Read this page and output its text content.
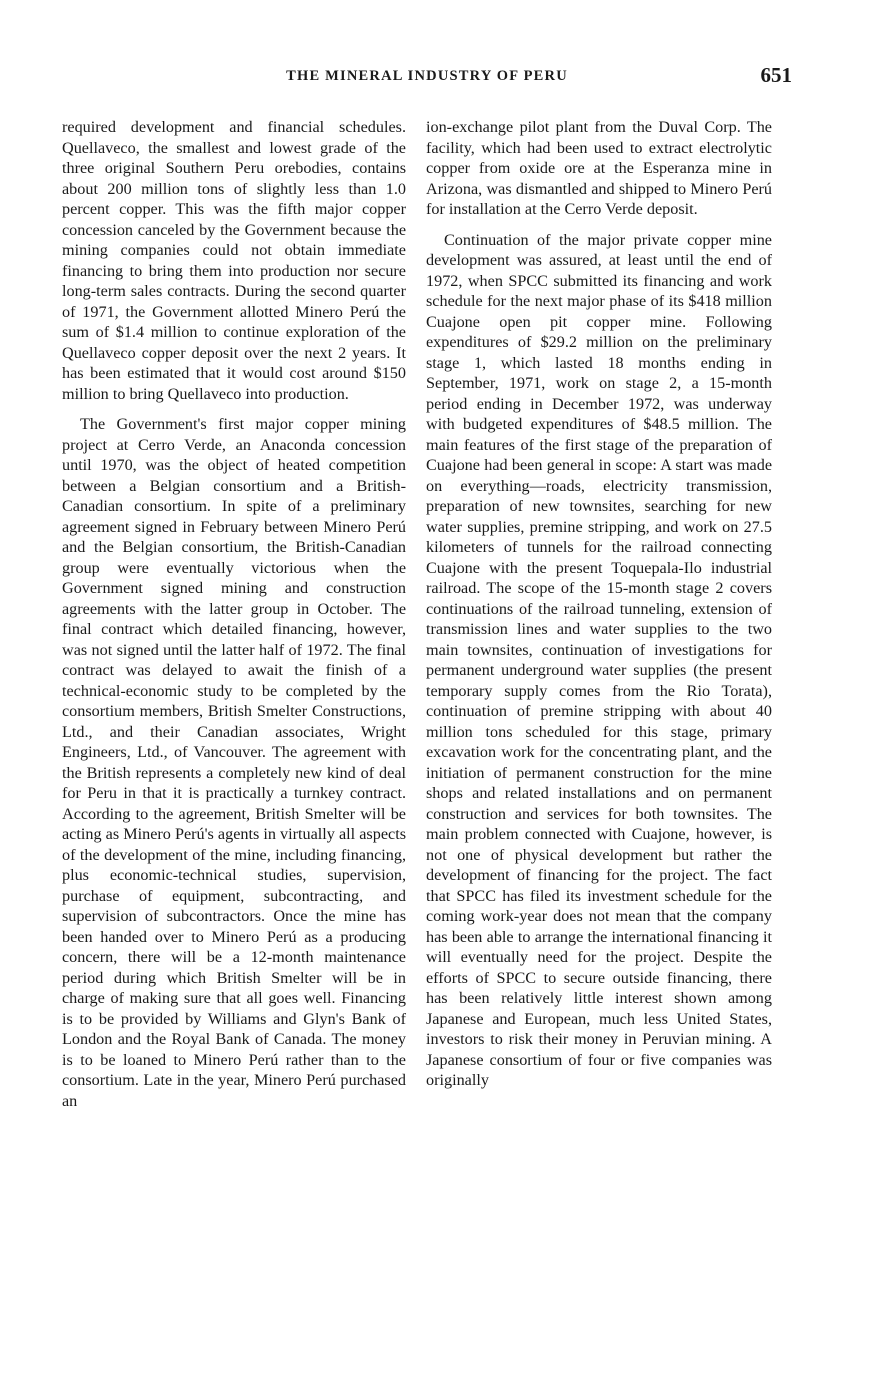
THE MINERAL INDUSTRY OF PERU	651

required development and financial schedules. Quellaveco, the smallest and lowest grade of the three original Southern Peru orebodies, contains about 200 million tons of slightly less than 1.0 percent copper. This was the fifth major copper concession canceled by the Government because the mining companies could not obtain immediate financing to bring them into production nor secure long-term sales contracts. During the second quarter of 1971, the Government allotted Minero Perú the sum of $1.4 million to continue exploration of the Quellaveco copper deposit over the next 2 years. It has been estimated that it would cost around $150 million to bring Quellaveco into production.

The Government's first major copper mining project at Cerro Verde, an Anaconda concession until 1970, was the object of heated competition between a Belgian consortium and a British-Canadian consortium. In spite of a preliminary agreement signed in February between Minero Perú and the Belgian consortium, the British-Canadian group were eventually victorious when the Government signed mining and construction agreements with the latter group in October. The final contract which detailed financing, however, was not signed until the latter half of 1972. The final contract was delayed to await the finish of a technical-economic study to be completed by the consortium members, British Smelter Constructions, Ltd., and their Canadian associates, Wright Engineers, Ltd., of Vancouver. The agreement with the British represents a completely new kind of deal for Peru in that it is practically a turnkey contract. According to the agreement, British Smelter will be acting as Minero Perú's agents in virtually all aspects of the development of the mine, including financing, plus economic-technical studies, supervision, purchase of equipment, subcontracting, and supervision of subcontractors. Once the mine has been handed over to Minero Perú as a producing concern, there will be a 12-month maintenance period during which British Smelter will be in charge of making sure that all goes well. Financing is to be provided by Williams and Glyn's Bank of London and the Royal Bank of Canada. The money is to be loaned to Minero Perú rather than to the consortium. Late in the year, Minero Perú purchased an

ion-exchange pilot plant from the Duval Corp. The facility, which had been used to extract electrolytic copper from oxide ore at the Esperanza mine in Arizona, was dismantled and shipped to Minero Perú for installation at the Cerro Verde deposit.

Continuation of the major private copper mine development was assured, at least until the end of 1972, when SPCC submitted its financing and work schedule for the next major phase of its $418 million Cuajone open pit copper mine. Following expenditures of $29.2 million on the preliminary stage 1, which lasted 18 months ending in September, 1971, work on stage 2, a 15-month period ending in December 1972, was underway with budgeted expenditures of $48.5 million. The main features of the first stage of the preparation of Cuajone had been general in scope: A start was made on everything—roads, electricity transmission, preparation of new townsites, searching for new water supplies, premine stripping, and work on 27.5 kilometers of tunnels for the railroad connecting Cuajone with the present Toquepala-Ilo industrial railroad. The scope of the 15-month stage 2 covers continuations of the railroad tunneling, extension of transmission lines and water supplies to the two main townsites, continuation of investigations for permanent underground water supplies (the present temporary supply comes from the Rio Torata), continuation of premine stripping with about 40 million tons scheduled for this stage, primary excavation work for the concentrating plant, and the initiation of permanent construction for the mine shops and related installations and on permanent construction and services for both townsites. The main problem connected with Cuajone, however, is not one of physical development but rather the development of financing for the project. The fact that SPCC has filed its investment schedule for the coming work-year does not mean that the company has been able to arrange the international financing it will eventually need for the project. Despite the efforts of SPCC to secure outside financing, there has been relatively little interest shown among Japanese and European, much less United States, investors to risk their money in Peruvian mining. A Japanese consortium of four or five companies was originally
